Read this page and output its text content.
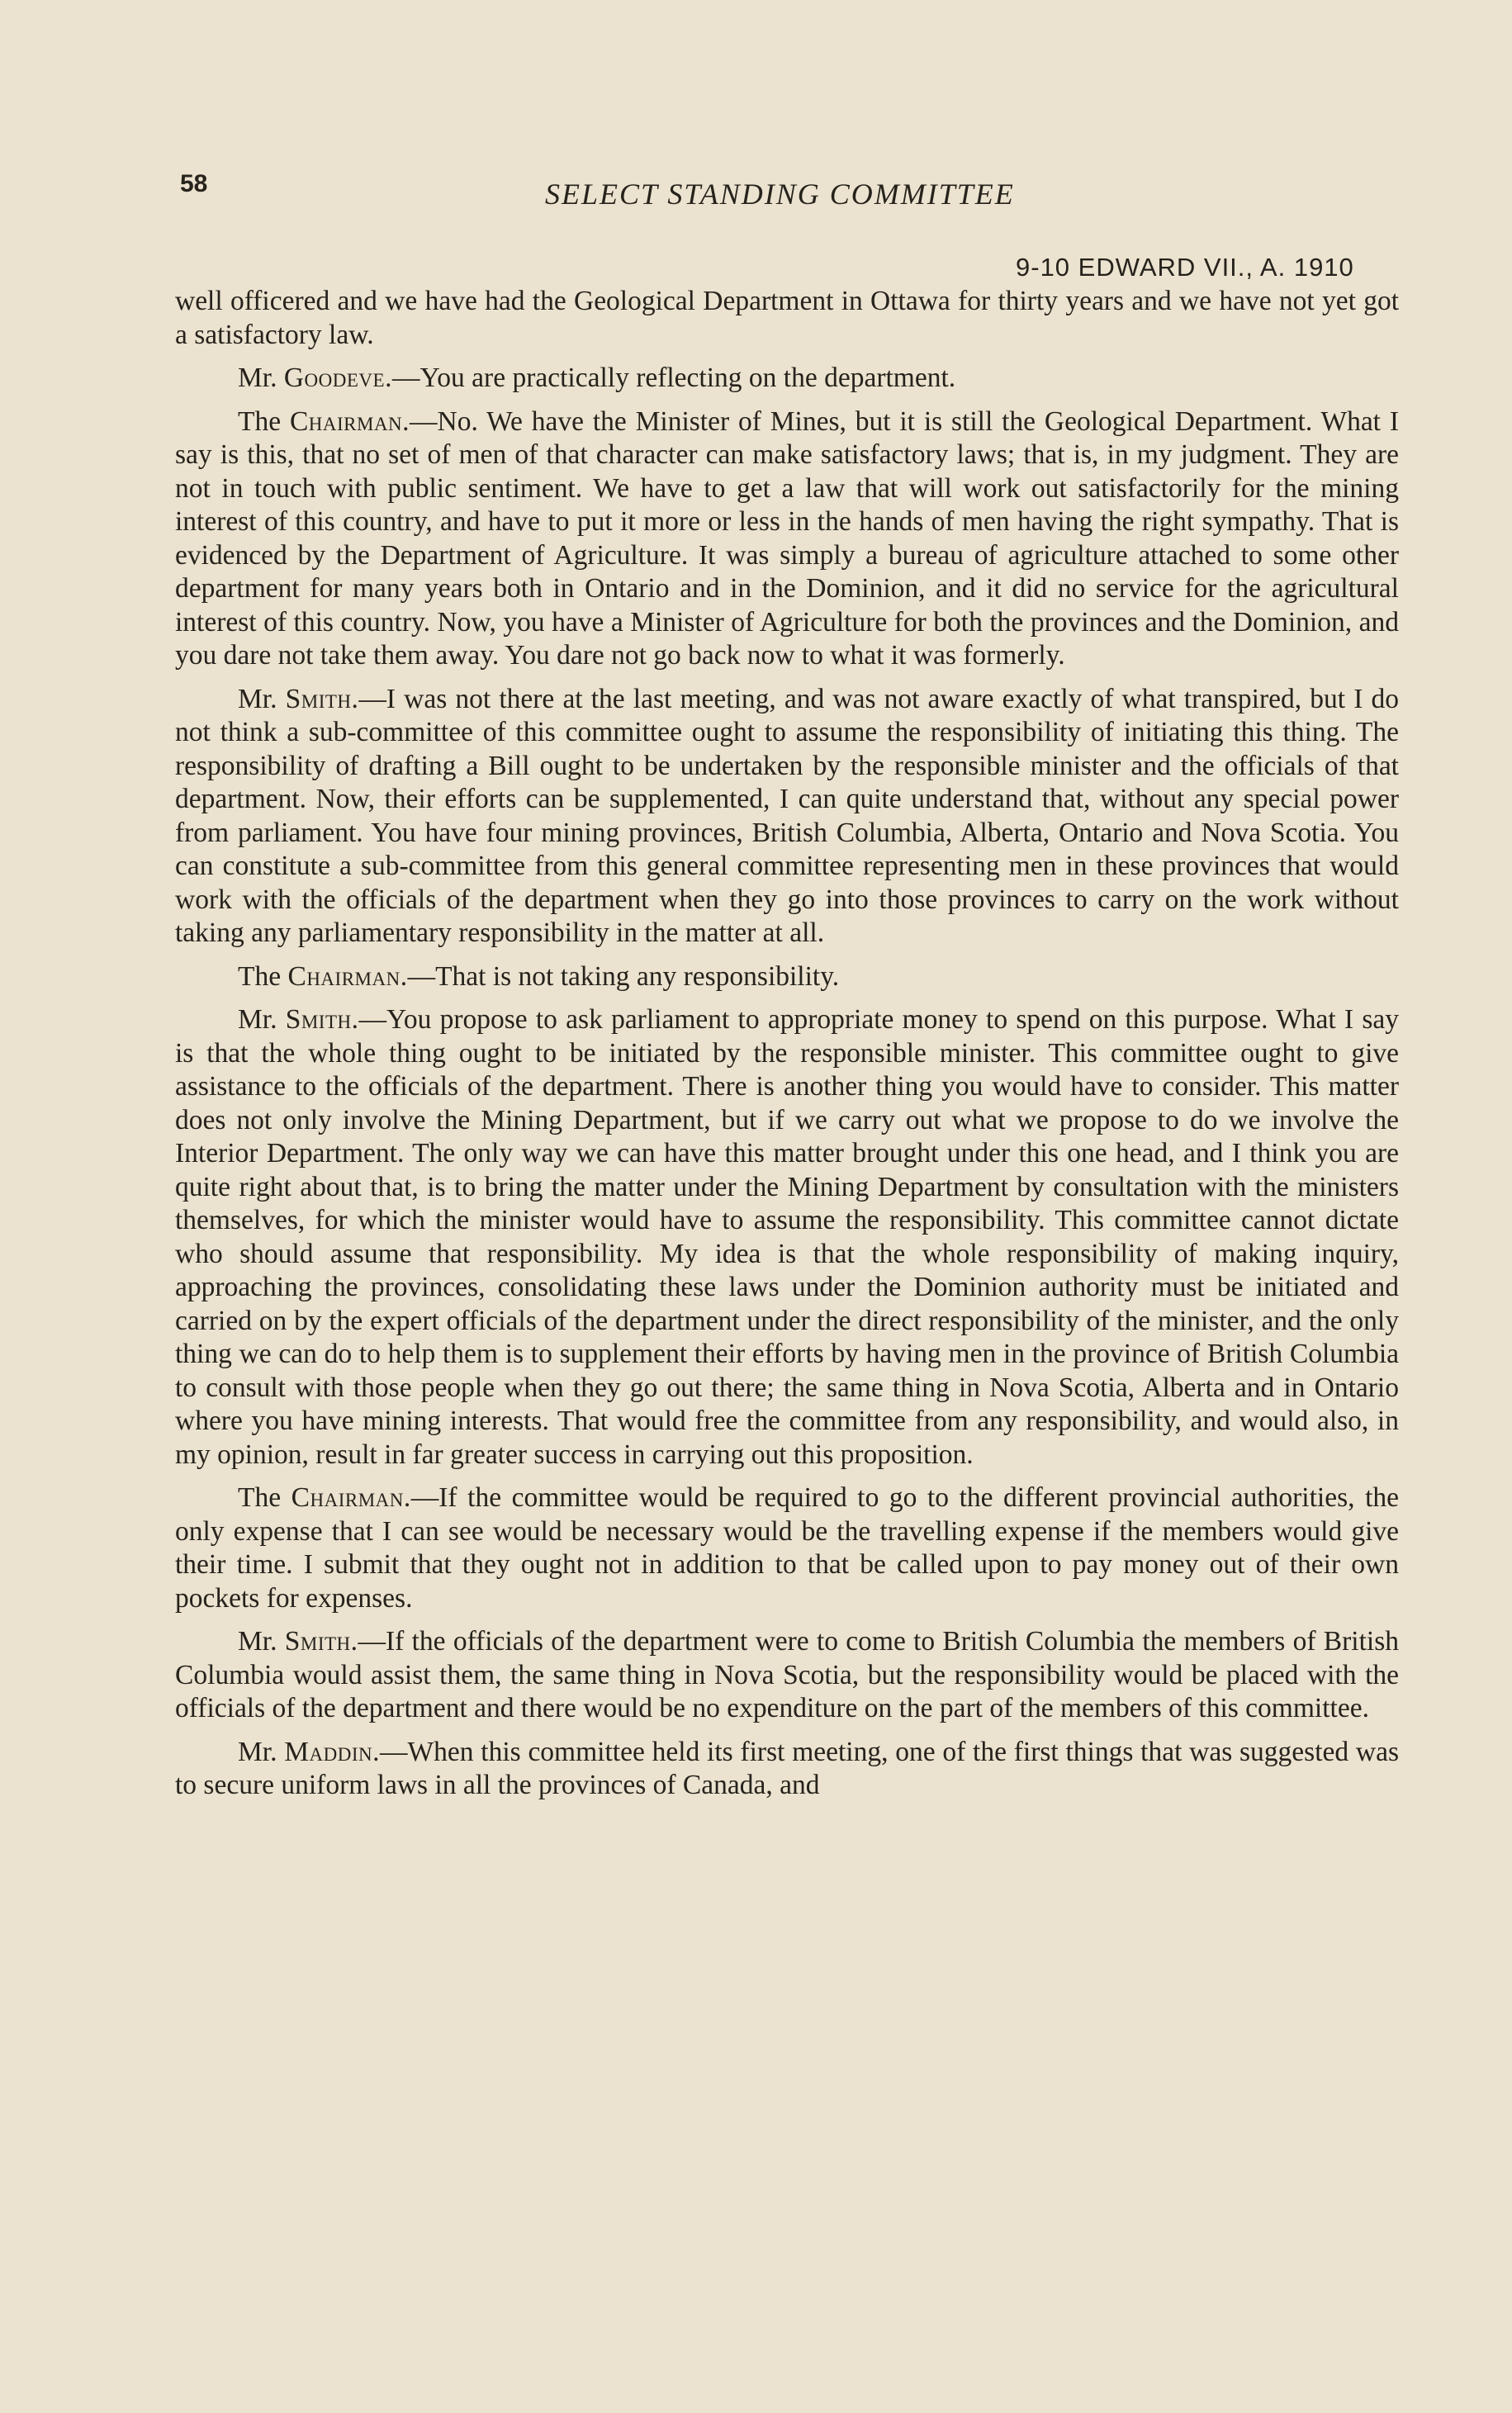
58	SELECT STANDING COMMITTEE
9-10 EDWARD VII., A. 1910

well officered and we have had the Geological Department in Ottawa for thirty years and we have not yet got a satisfactory law.

Mr. Goodeve.—You are practically reflecting on the department.

The Chairman.—No. We have the Minister of Mines, but it is still the Geological Department. What I say is this, that no set of men of that character can make satisfactory laws; that is, in my judgment. They are not in touch with public sentiment. We have to get a law that will work out satisfactorily for the mining interest of this country, and have to put it more or less in the hands of men having the right sympathy. That is evidenced by the Department of Agriculture. It was simply a bureau of agriculture attached to some other department for many years both in Ontario and in the Dominion, and it did no service for the agricultural interest of this country. Now, you have a Minister of Agriculture for both the provinces and the Dominion, and you dare not take them away. You dare not go back now to what it was formerly.

Mr. Smith.—I was not there at the last meeting, and was not aware exactly of what transpired, but I do not think a sub-committee of this committee ought to assume the responsibility of initiating this thing. The responsibility of drafting a Bill ought to be undertaken by the responsible minister and the officials of that department. Now, their efforts can be supplemented, I can quite understand that, without any special power from parliament. You have four mining provinces, British Columbia, Alberta, Ontario and Nova Scotia. You can constitute a sub-committee from this general committee representing men in these provinces that would work with the officials of the department when they go into those provinces to carry on the work without taking any parliamentary responsibility in the matter at all.

The Chairman.—That is not taking any responsibility.

Mr. Smith.—You propose to ask parliament to appropriate money to spend on this purpose. What I say is that the whole thing ought to be initiated by the responsible minister. This committee ought to give assistance to the officials of the department. There is another thing you would have to consider. This matter does not only involve the Mining Department, but if we carry out what we propose to do we involve the Interior Department. The only way we can have this matter brought under this one head, and I think you are quite right about that, is to bring the matter under the Mining Department by consultation with the ministers themselves, for which the minister would have to assume the responsibility. This committee cannot dictate who should assume that responsibility. My idea is that the whole responsibility of making inquiry, approaching the provinces, consolidating these laws under the Dominion authority must be initiated and carried on by the expert officials of the department under the direct responsibility of the minister, and the only thing we can do to help them is to supplement their efforts by having men in the province of British Columbia to consult with those people when they go out there; the same thing in Nova Scotia, Alberta and in Ontario where you have mining interests. That would free the committee from any responsibility, and would also, in my opinion, result in far greater success in carrying out this proposition.

The Chairman.—If the committee would be required to go to the different provincial authorities, the only expense that I can see would be necessary would be the travelling expense if the members would give their time. I submit that they ought not in addition to that be called upon to pay money out of their own pockets for expenses.

Mr. Smith.—If the officials of the department were to come to British Columbia the members of British Columbia would assist them, the same thing in Nova Scotia, but the responsibility would be placed with the officials of the department and there would be no expenditure on the part of the members of this committee.

Mr. Maddin.—When this committee held its first meeting, one of the first things that was suggested was to secure uniform laws in all the provinces of Canada, and
